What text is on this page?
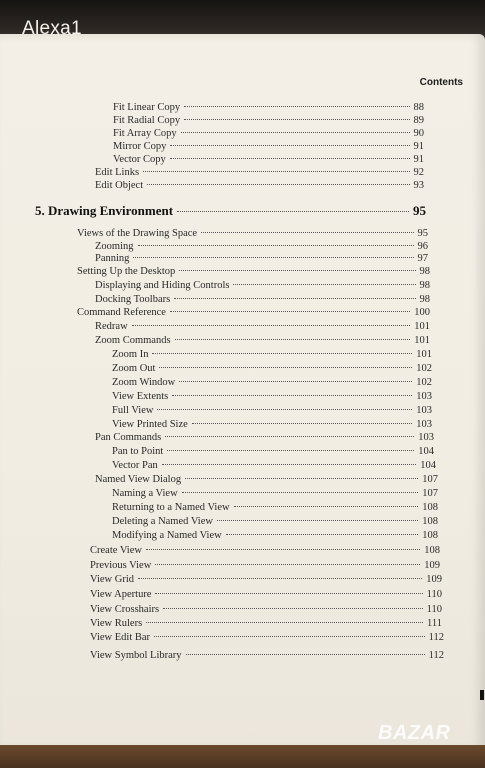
Alexa1
Contents
Fit Linear Copy	88
Fit Radial Copy	89
Fit Array Copy	90
Mirror Copy	91
Vector Copy	91
Edit Links	92
Edit Object	93
5. Drawing Environment	95
Views of the Drawing Space	95
Zooming	96
Panning	97
Setting Up the Desktop	98
Displaying and Hiding Controls	98
Docking Toolbars	98
Command Reference	100
Redraw	101
Zoom Commands	101
Zoom In	101
Zoom Out	102
Zoom Window	102
View Extents	103
Full View	103
View Printed Size	103
Pan Commands	103
Pan to Point	104
Vector Pan	104
Named View Dialog	107
Naming a View	107
Returning to a Named View	108
Deleting a Named View	108
Modifying a Named View	108
Create View	108
Previous View	109
View Grid	109
View Aperture	110
View Crosshairs	110
View Rulers	111
View Edit Bar	112
View Symbol Library	112
BAZAR
